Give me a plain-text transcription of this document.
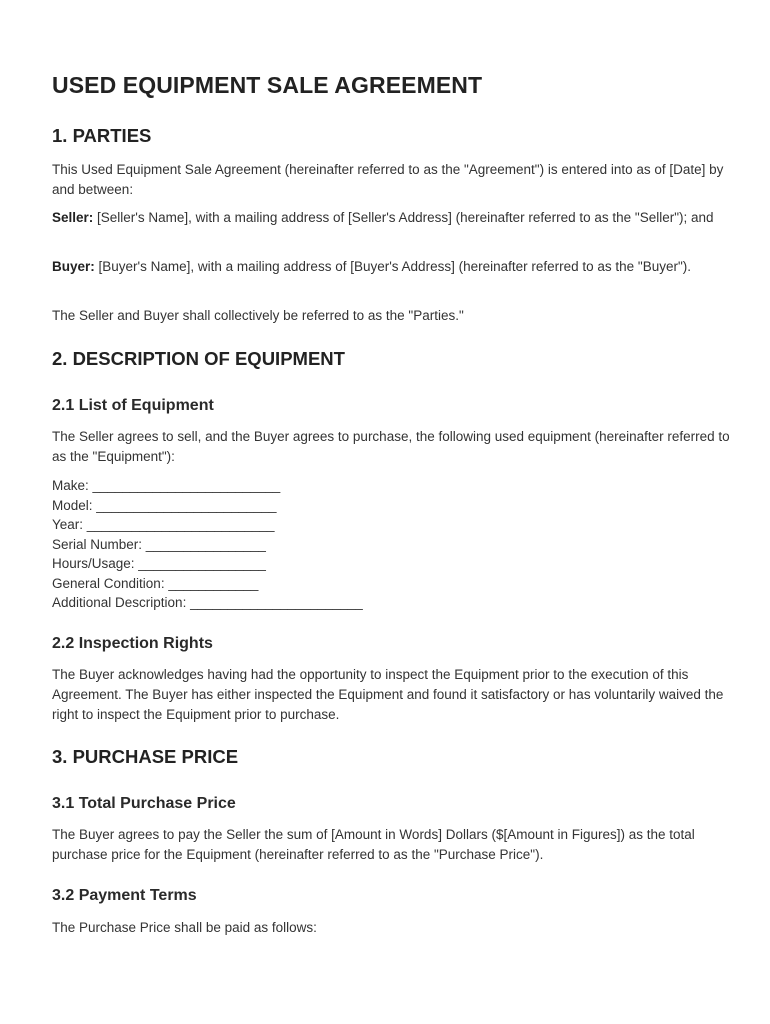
USED EQUIPMENT SALE AGREEMENT
1. PARTIES

This Used Equipment Sale Agreement (hereinafter referred to as the "Agreement") is entered into as of [Date] by and between:

Seller: [Seller's Name], with a mailing address of [Seller's Address] (hereinafter referred to as the "Seller"); and

Buyer: [Buyer's Name], with a mailing address of [Buyer's Address] (hereinafter referred to as the "Buyer").

The Seller and Buyer shall collectively be referred to as the "Parties."

2. DESCRIPTION OF EQUIPMENT
2.1 List of Equipment

The Seller agrees to sell, and the Buyer agrees to purchase, the following used equipment (hereinafter referred to as the "Equipment"):

Make: _________________________
Model: ________________________
Year: _________________________
Serial Number: ________________
Hours/Usage: _________________
General Condition: ____________
Additional Description: _______________________
2.2 Inspection Rights

The Buyer acknowledges having had the opportunity to inspect the Equipment prior to the execution of this Agreement. The Buyer has either inspected the Equipment and found it satisfactory or has voluntarily waived the right to inspect the Equipment prior to purchase.

3. PURCHASE PRICE
3.1 Total Purchase Price

The Buyer agrees to pay the Seller the sum of [Amount in Words] Dollars ($[Amount in Figures]) as the total purchase price for the Equipment (hereinafter referred to as the "Purchase Price").

3.2 Payment Terms

The Purchase Price shall be paid as follows:
